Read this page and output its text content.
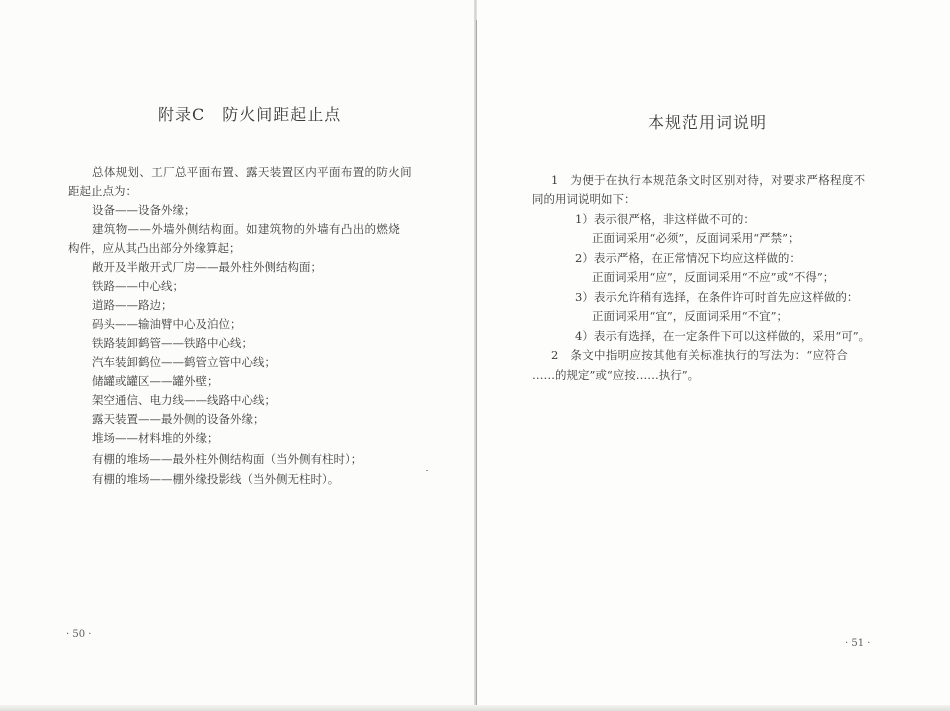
附录C　防火间距起止点
总体规划、工厂总平面布置、露天装置区内平面布置的防火间
距起止点为：
设备——设备外缘；
建筑物——外墙外侧结构面。如建筑物的外墙有凸出的燃烧
构件，应从其凸出部分外缘算起；
敞开及半敞开式厂房——最外柱外侧结构面；
铁路——中心线；
道路——路边；
码头——输油臂中心及泊位；
铁路装卸鹤管——铁路中心线；
汽车装卸鹤位——鹤管立管中心线；
储罐或罐区——罐外壁；
架空通信、电力线——线路中心线；
露天装置——最外侧的设备外缘；
堆场——材料堆的外缘；
有棚的堆场——最外柱外侧结构面（当外侧有柱时）；
有棚的堆场——棚外缘投影线（当外侧无柱时）。
· 50 ·
本规范用词说明
1　为便于在执行本规范条文时区别对待，对要求严格程度不
同的用词说明如下：
1）表示很严格，非这样做不可的：
正面词采用“必须”，反面词采用“严禁”；
2）表示严格，在正常情况下均应这样做的：
正面词采用“应”，反面词采用“不应”或“不得”；
3）表示允许稍有选择，在条件许可时首先应这样做的：
正面词采用“宜”，反面词采用“不宜”；
4）表示有选择，在一定条件下可以这样做的，采用“可”。
2　条文中指明应按其他有关标准执行的写法为：“应符合
……的规定”或“应按……执行”。
· 51 ·
